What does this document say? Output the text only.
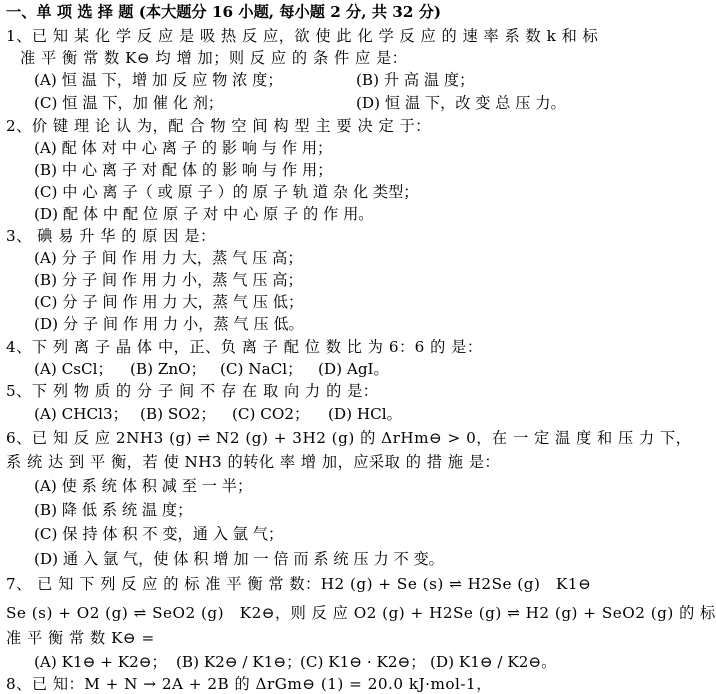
一、单 项 选 择 题 (本大题分 16 小题, 每小题 2 分, 共 32 分)
1、已 知 某 化 学 反 应 是 吸 热 反 应，欲 使 此 化 学 反 应 的 速 率 系 数 k 和 标
准 平 衡 常 数 K⊖ 均 增 加；则 反 应 的 条 件 应 是：
(A) 恒 温 下，增 加 反 应 物 浓 度；	(B) 升 高 温 度；
(C) 恒 温 下，加 催 化 剂；	(D) 恒 温 下，改 变 总 压 力。
2、价 键 理 论 认 为，配 合 物 空 间 构 型 主 要 决 定 于：
(A) 配 体 对 中 心 离 子 的 影 响 与 作 用；
(B) 中 心 离 子 对 配 体 的 影 响 与 作 用；
(C) 中 心 离 子（ 或 原 子 ）的 原 子 轨 道 杂 化 类型；
(D) 配 体 中 配 位 原 子 对 中 心 原 子 的 作 用。
3、 碘 易 升 华 的 原 因 是：
(A) 分 子 间 作 用 力 大，蒸 气 压 高；
(B) 分 子 间 作 用 力 小，蒸 气 压 高；
(C) 分 子 间 作 用 力 大，蒸 气 压 低；
(D) 分 子 间 作 用 力 小，蒸 气 压 低。
4、下 列 离 子 晶 体 中，正、负 离 子 配 位 数 比 为 6：6 的 是：
(A) CsCl； (B) ZnO； (C) NaCl； (D) AgI。
5、下 列 物 质 的 分 子 间 不 存 在 取 向 力 的 是：
(A) CHCl3； (B) SO2； (C) CO2； (D) HCl。
6、已 知 反 应 2NH3 (g) ⇌ N2 (g) + 3H2 (g) 的 ΔrHm⊖ > 0，在 一 定 温 度 和 压 力 下，
系 统 达 到 平 衡，若 使 NH3 的转化 率 增 加，应采取 的 措 施 是：
(A) 使 系 统 体 积 减 至 一 半；
(B) 降 低 系 统 温 度；
(C) 保 持 体 积 不 变，通 入 氩 气；
(D) 通 入 氩 气，使 体 积 增 加 一 倍 而 系 统 压 力 不 变。
7、 已 知 下 列 反 应 的 标 准 平 衡 常 数：H2 (g) + Se (s) ⇌ H2Se (g)　K1⊖
Se (s) + O2 (g) ⇌ SeO2 (g)　K2⊖，则 反 应 O2 (g) + H2Se (g) ⇌ H2 (g) + SeO2 (g) 的 标
准 平 衡 常 数 K⊖ =
(A) K1⊖ + K2⊖； (B) K2⊖ / K1⊖；
(C) K1⊖ · K2⊖； (D) K1⊖ / K2⊖。
8、已 知：M + N → 2A + 2B 的 ΔrGm⊖ (1) = 20.0 kJ·mol-1，
